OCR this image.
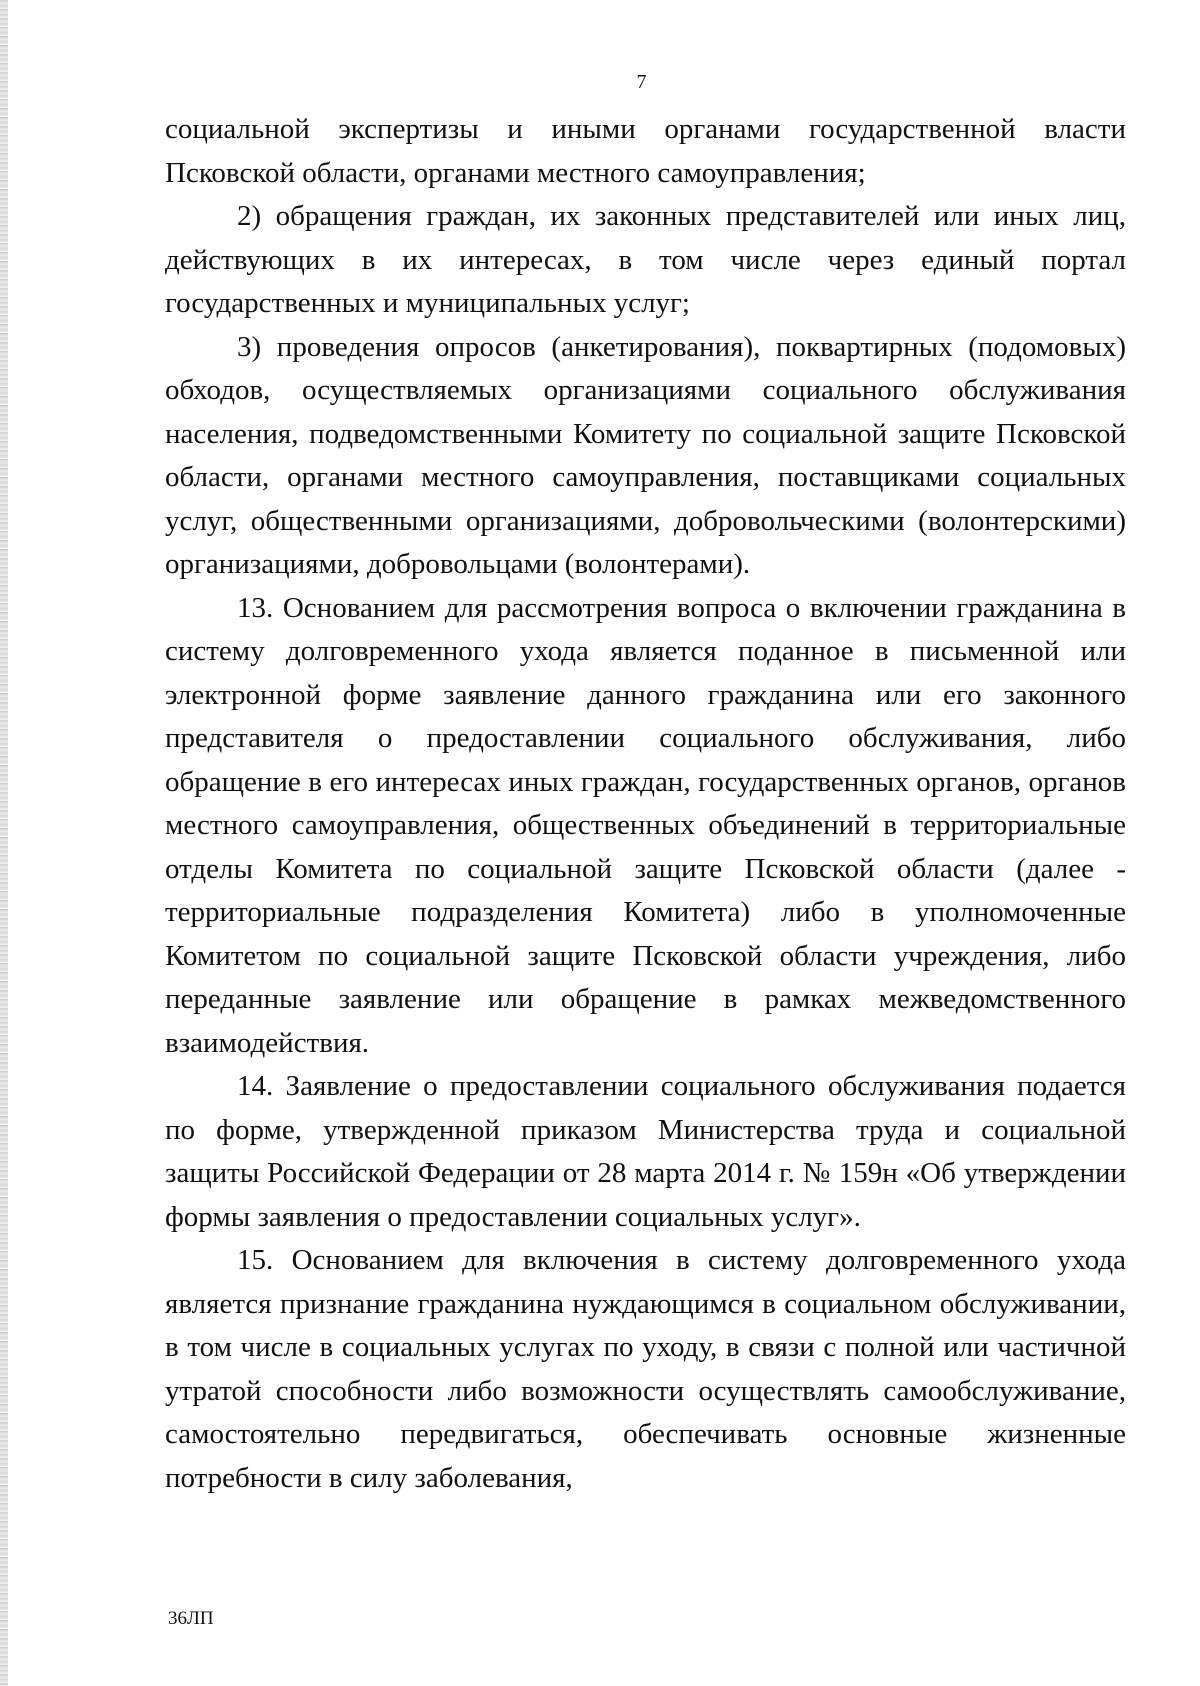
7

социальной экспертизы и иными органами государственной власти Псковской области, органами местного самоуправления;

2) обращения граждан, их законных представителей или иных лиц, действующих в их интересах, в том числе через единый портал государственных и муниципальных услуг;

3) проведения опросов (анкетирования), поквартирных (подомовых) обходов, осуществляемых организациями социального обслуживания населения, подведомственными Комитету по социальной защите Псковской области, органами местного самоуправления, поставщиками социальных услуг, общественными организациями, добровольческими (волонтерскими) организациями, добровольцами (волонтерами).

13. Основанием для рассмотрения вопроса о включении гражданина в систему долговременного ухода является поданное в письменной или электронной форме заявление данного гражданина или его законного представителя о предоставлении социального обслуживания, либо обращение в его интересах иных граждан, государственных органов, органов местного самоуправления, общественных объединений в территориальные отделы Комитета по социальной защите Псковской области (далее - территориальные подразделения Комитета) либо в уполномоченные Комитетом по социальной защите Псковской области учреждения, либо переданные заявление или обращение в рамках межведомственного взаимодействия.

14. Заявление о предоставлении социального обслуживания подается по форме, утвержденной приказом Министерства труда и социальной защиты Российской Федерации от 28 марта 2014 г. № 159н «Об утверждении формы заявления о предоставлении социальных услуг».

15. Основанием для включения в систему долговременного ухода является признание гражданина нуждающимся в социальном обслуживании, в том числе в социальных услугах по уходу, в связи с полной или частичной утратой способности либо возможности осуществлять самообслуживание, самостоятельно передвигаться, обеспечивать основные жизненные потребности в силу заболевания,

36ЛП
